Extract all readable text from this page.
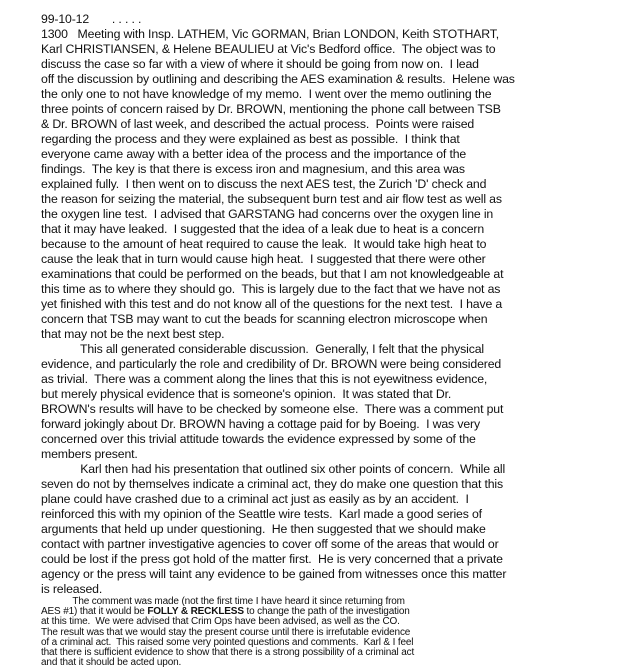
99-10-12       . . . . .
1300   Meeting with Insp. LATHEM, Vic GORMAN, Brian LONDON, Keith STOTHART,
Karl CHRISTIANSEN, & Helene BEAULIEU at Vic's Bedford office.  The object was to
discuss the case so far with a view of where it should be going from now on.  I lead
off the discussion by outlining and describing the AES examination & results.  Helene was
the only one to not have knowledge of my memo.  I went over the memo outlining the
three points of concern raised by Dr. BROWN, mentioning the phone call between TSB
& Dr. BROWN of last week, and described the actual process.  Points were raised
regarding the process and they were explained as best as possible.  I think that
everyone came away with a better idea of the process and the importance of the
findings.  The key is that there is excess iron and magnesium, and this area was
explained fully.  I then went on to discuss the next AES test, the Zurich 'D' check and
the reason for seizing the material, the subsequent burn test and air flow test as well as
the oxygen line test.  I advised that GARSTANG had concerns over the oxygen line in
that it may have leaked.  I suggested that the idea of a leak due to heat is a concern
because to the amount of heat required to cause the leak.  It would take high heat to
cause the leak that in turn would cause high heat.  I suggested that there were other
examinations that could be performed on the beads, but that I am not knowledgeable at
this time as to where they should go.  This is largely due to the fact that we have not as
yet finished with this test and do not know all of the questions for the next test.  I have a
concern that TSB may want to cut the beads for scanning electron microscope when
that may not be the next best step.
This all generated considerable discussion.  Generally, I felt that the physical
evidence, and particularly the role and credibility of Dr. BROWN were being considered
as trivial.  There was a comment along the lines that this is not eyewitness evidence,
but merely physical evidence that is someone's opinion.  It was stated that Dr.
BROWN's results will have to be checked by someone else.  There was a comment put
forward jokingly about Dr. BROWN having a cottage paid for by Boeing.  I was very
concerned over this trivial attitude towards the evidence expressed by some of the
members present.
Karl then had his presentation that outlined six other points of concern.  While all
seven do not by themselves indicate a criminal act, they do make one question that this
plane could have crashed due to a criminal act just as easily as by an accident.  I
reinforced this with my opinion of the Seattle wire tests.  Karl made a good series of
arguments that held up under questioning.  He then suggested that we should make
contact with partner investigative agencies to cover off some of the areas that would or
could be lost if the press got hold of the matter first.  He is very concerned that a private
agency or the press will taint any evidence to be gained from witnesses once this matter
is released.
The comment was made (not the first time I have heard it since returning from
AES #1) that it would be FOLLY & RECKLESS to change the path of the investigation
at this time.  We were advised that Crim Ops have been advised, as well as the CO.
The result was that we would stay the present course until there is irrefutable evidence
of a criminal act.  This raised some very pointed questions and comments.  Karl & I feel
that there is sufficient evidence to show that there is a strong possibility of a criminal act
and that it should be acted upon.
